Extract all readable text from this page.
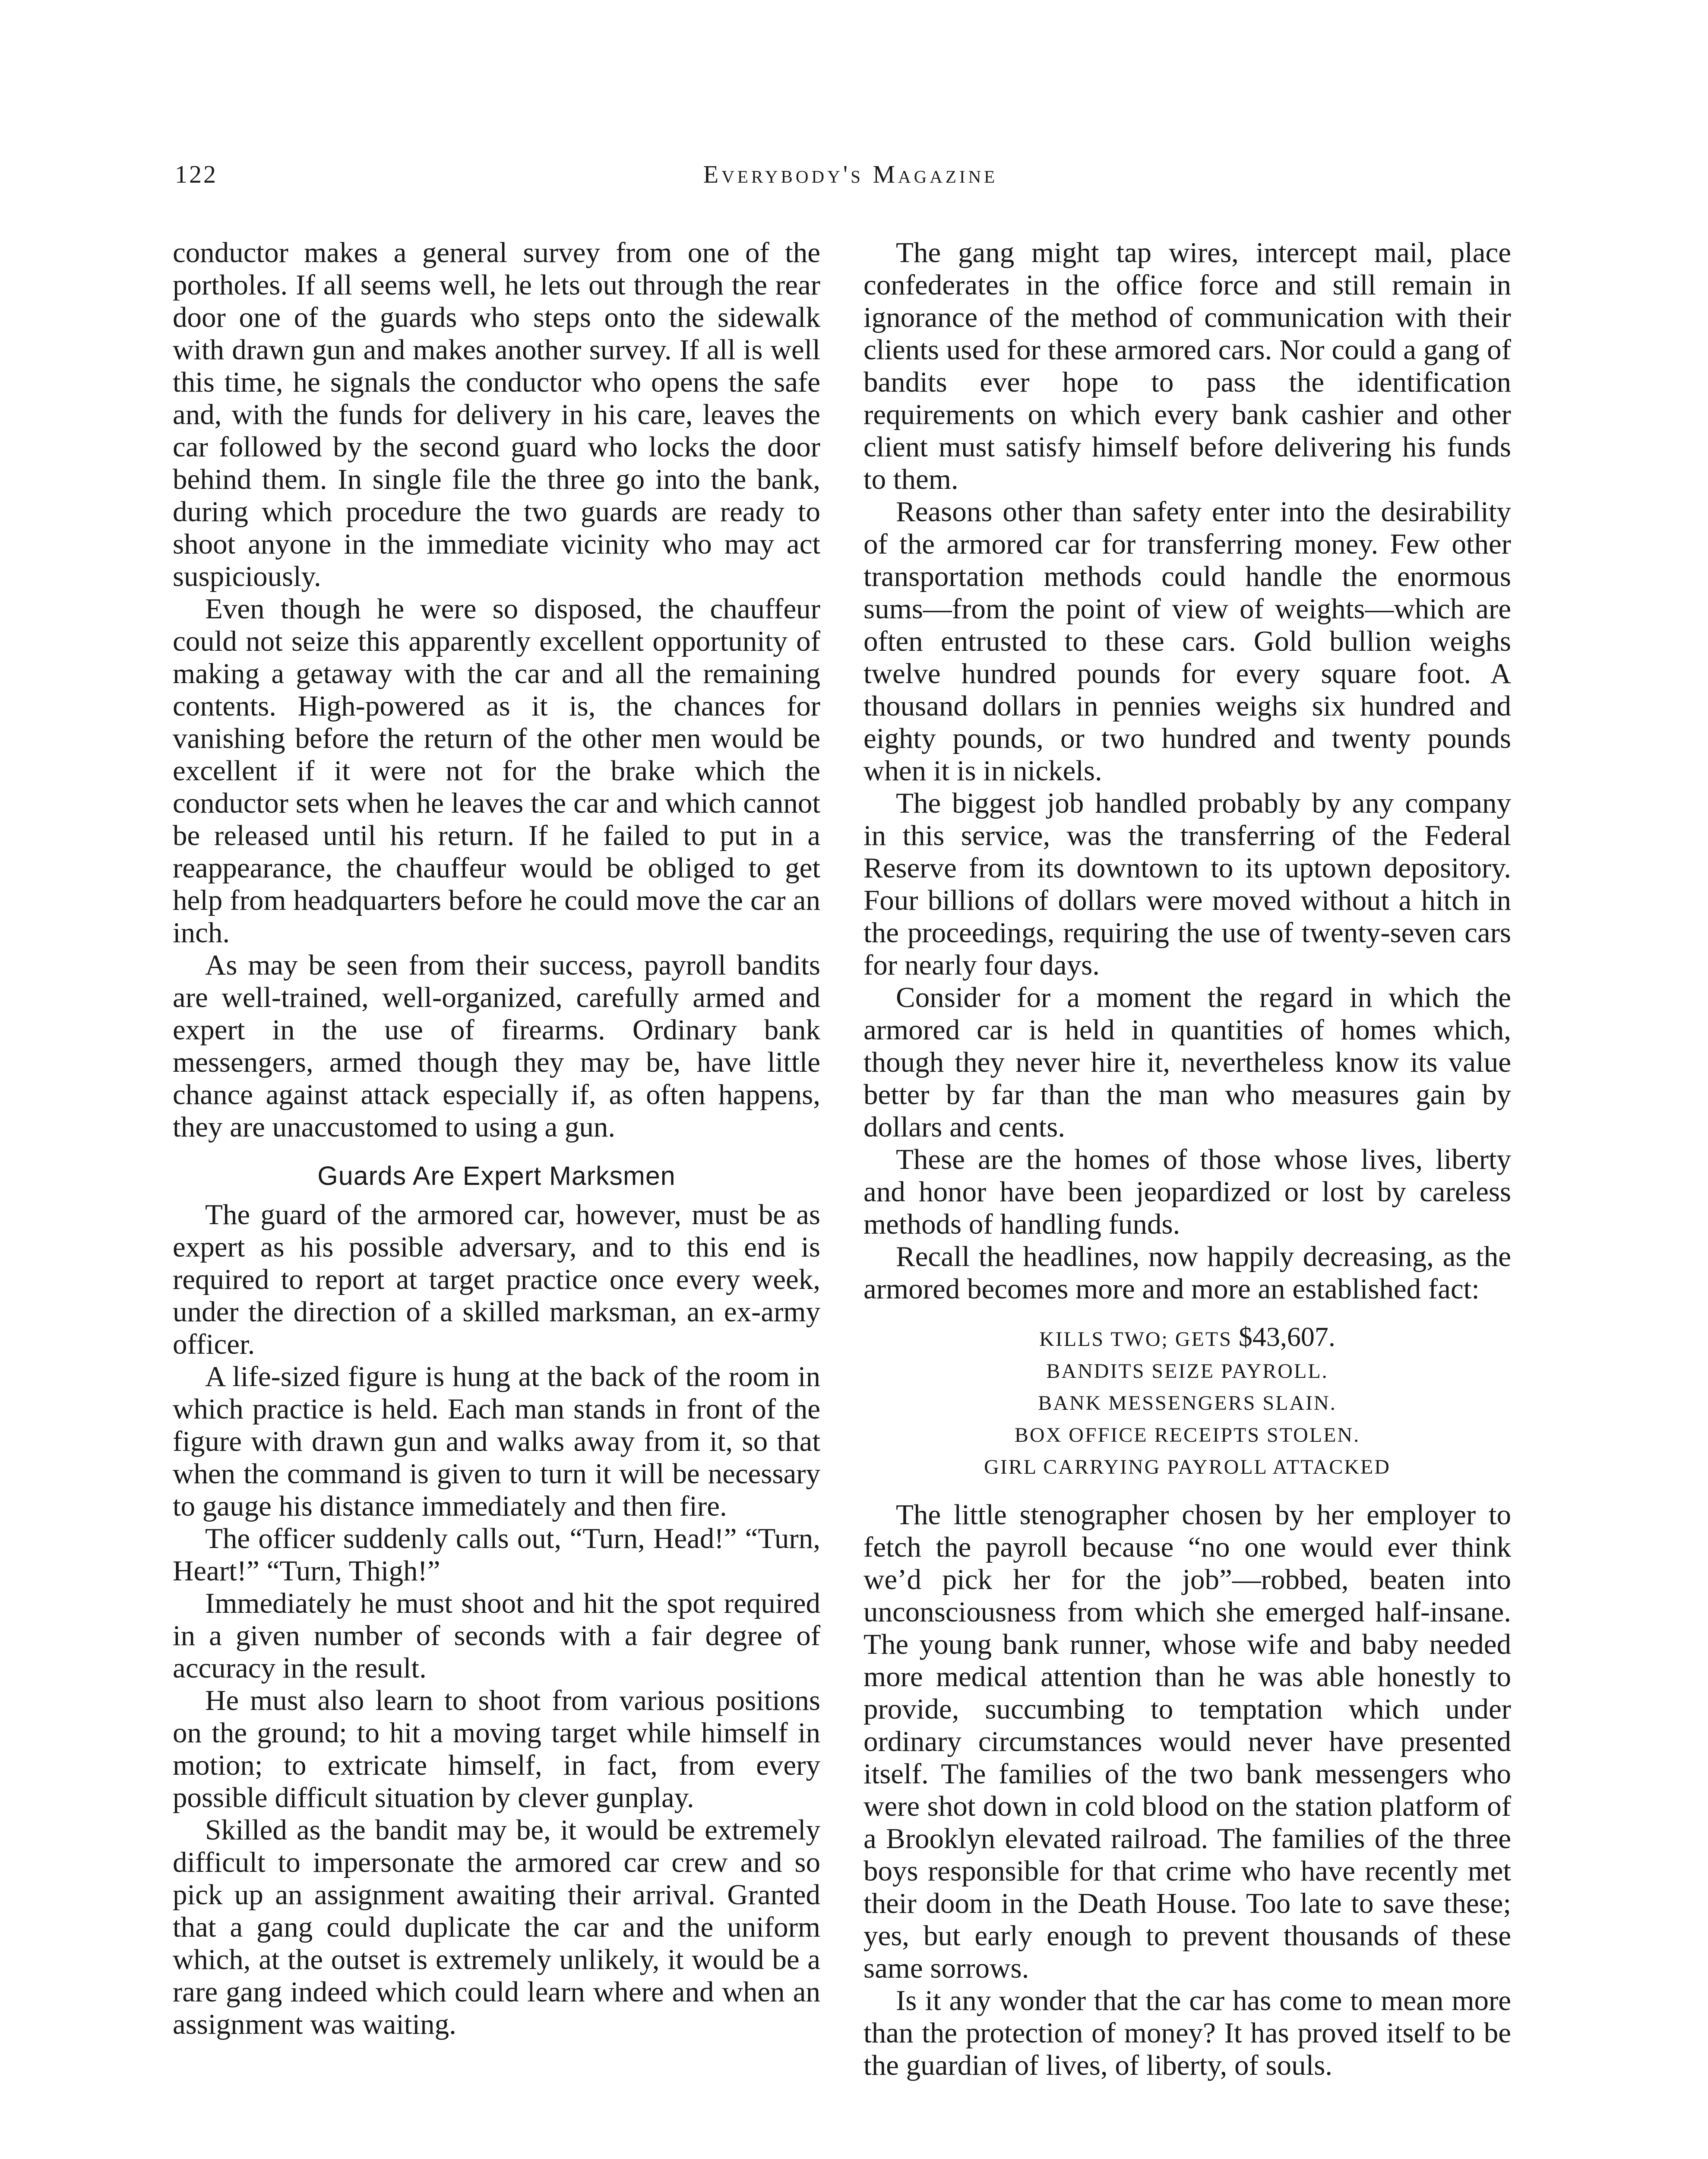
122	Everybody's Magazine

conductor makes a general survey from one of the portholes. If all seems well, he lets out through the rear door one of the guards who steps onto the sidewalk with drawn gun and makes another survey. If all is well this time, he signals the conductor who opens the safe and, with the funds for delivery in his care, leaves the car followed by the second guard who locks the door behind them. In single file the three go into the bank, during which procedure the two guards are ready to shoot anyone in the immediate vicinity who may act suspiciously.

Even though he were so disposed, the chauffeur could not seize this apparently excellent opportunity of making a getaway with the car and all the remaining contents. High-powered as it is, the chances for vanishing before the return of the other men would be excellent if it were not for the brake which the conductor sets when he leaves the car and which cannot be released until his return. If he failed to put in a reappearance, the chauffeur would be obliged to get help from headquarters before he could move the car an inch.

As may be seen from their success, payroll bandits are well-trained, well-organized, carefully armed and expert in the use of firearms. Ordinary bank messengers, armed though they may be, have little chance against attack especially if, as often happens, they are unaccustomed to using a gun.

Guards Are Expert Marksmen

The guard of the armored car, however, must be as expert as his possible adversary, and to this end is required to report at target practice once every week, under the direction of a skilled marksman, an ex-army officer.

A life-sized figure is hung at the back of the room in which practice is held. Each man stands in front of the figure with drawn gun and walks away from it, so that when the command is given to turn it will be necessary to gauge his distance immediately and then fire.

The officer suddenly calls out, “Turn, Head!” “Turn, Heart!” “Turn, Thigh!”

Immediately he must shoot and hit the spot required in a given number of seconds with a fair degree of accuracy in the result.

He must also learn to shoot from various positions on the ground; to hit a moving target while himself in motion; to extricate himself, in fact, from every possible difficult situation by clever gunplay.

Skilled as the bandit may be, it would be extremely difficult to impersonate the armored car crew and so pick up an assignment awaiting their arrival. Granted that a gang could duplicate the car and the uniform which, at the outset is extremely unlikely, it would be a rare gang indeed which could learn where and when an assignment was waiting.

The gang might tap wires, intercept mail, place confederates in the office force and still remain in ignorance of the method of communication with their clients used for these armored cars. Nor could a gang of bandits ever hope to pass the identification requirements on which every bank cashier and other client must satisfy himself before delivering his funds to them.

Reasons other than safety enter into the desirability of the armored car for transferring money. Few other transportation methods could handle the enormous sums—from the point of view of weights—which are often entrusted to these cars. Gold bullion weighs twelve hundred pounds for every square foot. A thousand dollars in pennies weighs six hundred and eighty pounds, or two hundred and twenty pounds when it is in nickels.

The biggest job handled probably by any company in this service, was the transferring of the Federal Reserve from its downtown to its uptown depository. Four billions of dollars were moved without a hitch in the proceedings, requiring the use of twenty-seven cars for nearly four days.

Consider for a moment the regard in which the armored car is held in quantities of homes which, though they never hire it, nevertheless know its value better by far than the man who measures gain by dollars and cents.

These are the homes of those whose lives, liberty and honor have been jeopardized or lost by careless methods of handling funds.

Recall the headlines, now happily decreasing, as the armored becomes more and more an established fact:

KILLS TWO; GETS $43,607.
BANDITS SEIZE PAYROLL.
BANK MESSENGERS SLAIN.
BOX OFFICE RECEIPTS STOLEN.
GIRL CARRYING PAYROLL ATTACKED

The little stenographer chosen by her employer to fetch the payroll because “no one would ever think we’d pick her for the job”—robbed, beaten into unconsciousness from which she emerged half-insane. The young bank runner, whose wife and baby needed more medical attention than he was able honestly to provide, succumbing to temptation which under ordinary circumstances would never have presented itself. The families of the two bank messengers who were shot down in cold blood on the station platform of a Brooklyn elevated railroad. The families of the three boys responsible for that crime who have recently met their doom in the Death House. Too late to save these; yes, but early enough to prevent thousands of these same sorrows.

Is it any wonder that the car has come to mean more than the protection of money? It has proved itself to be the guardian of lives, of liberty, of souls.
